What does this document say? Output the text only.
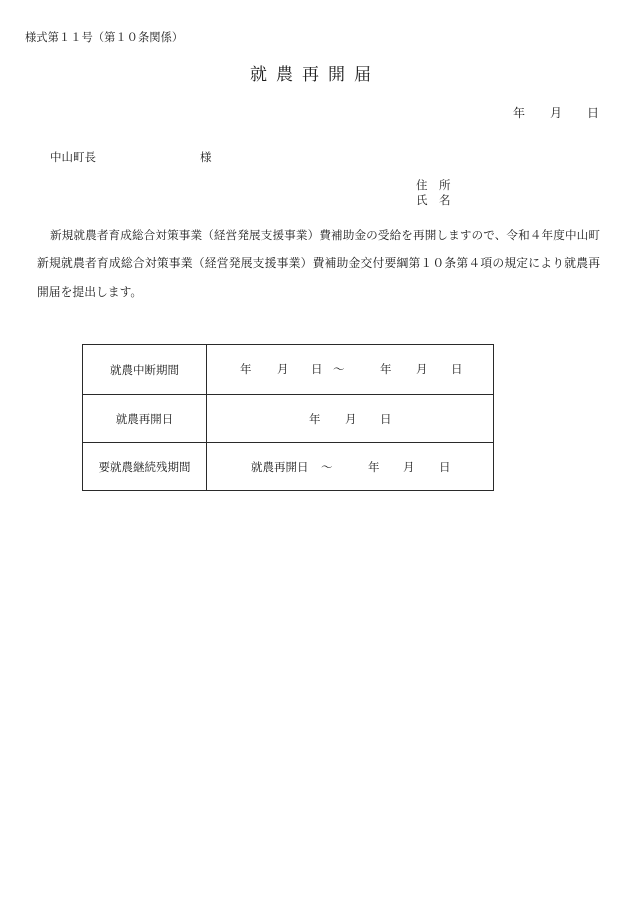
様式第１１号（第１０条関係）
就農再開届
年 月 日
中山町長	様
住　所
氏　名
新規就農者育成総合対策事業（経営発展支援事業）費補助金の受給を再開しますので、令和４年度中山町
新規就農者育成総合対策事業（経営発展支援事業）費補助金交付要綱第１０条第４項の規定により就農再
開届を提出します。
就農中断期間	年 月 日 ～	年 月 日
就農再開日	年 月 日
要就農継続残期間	就農再開日 ～	年 月 日
